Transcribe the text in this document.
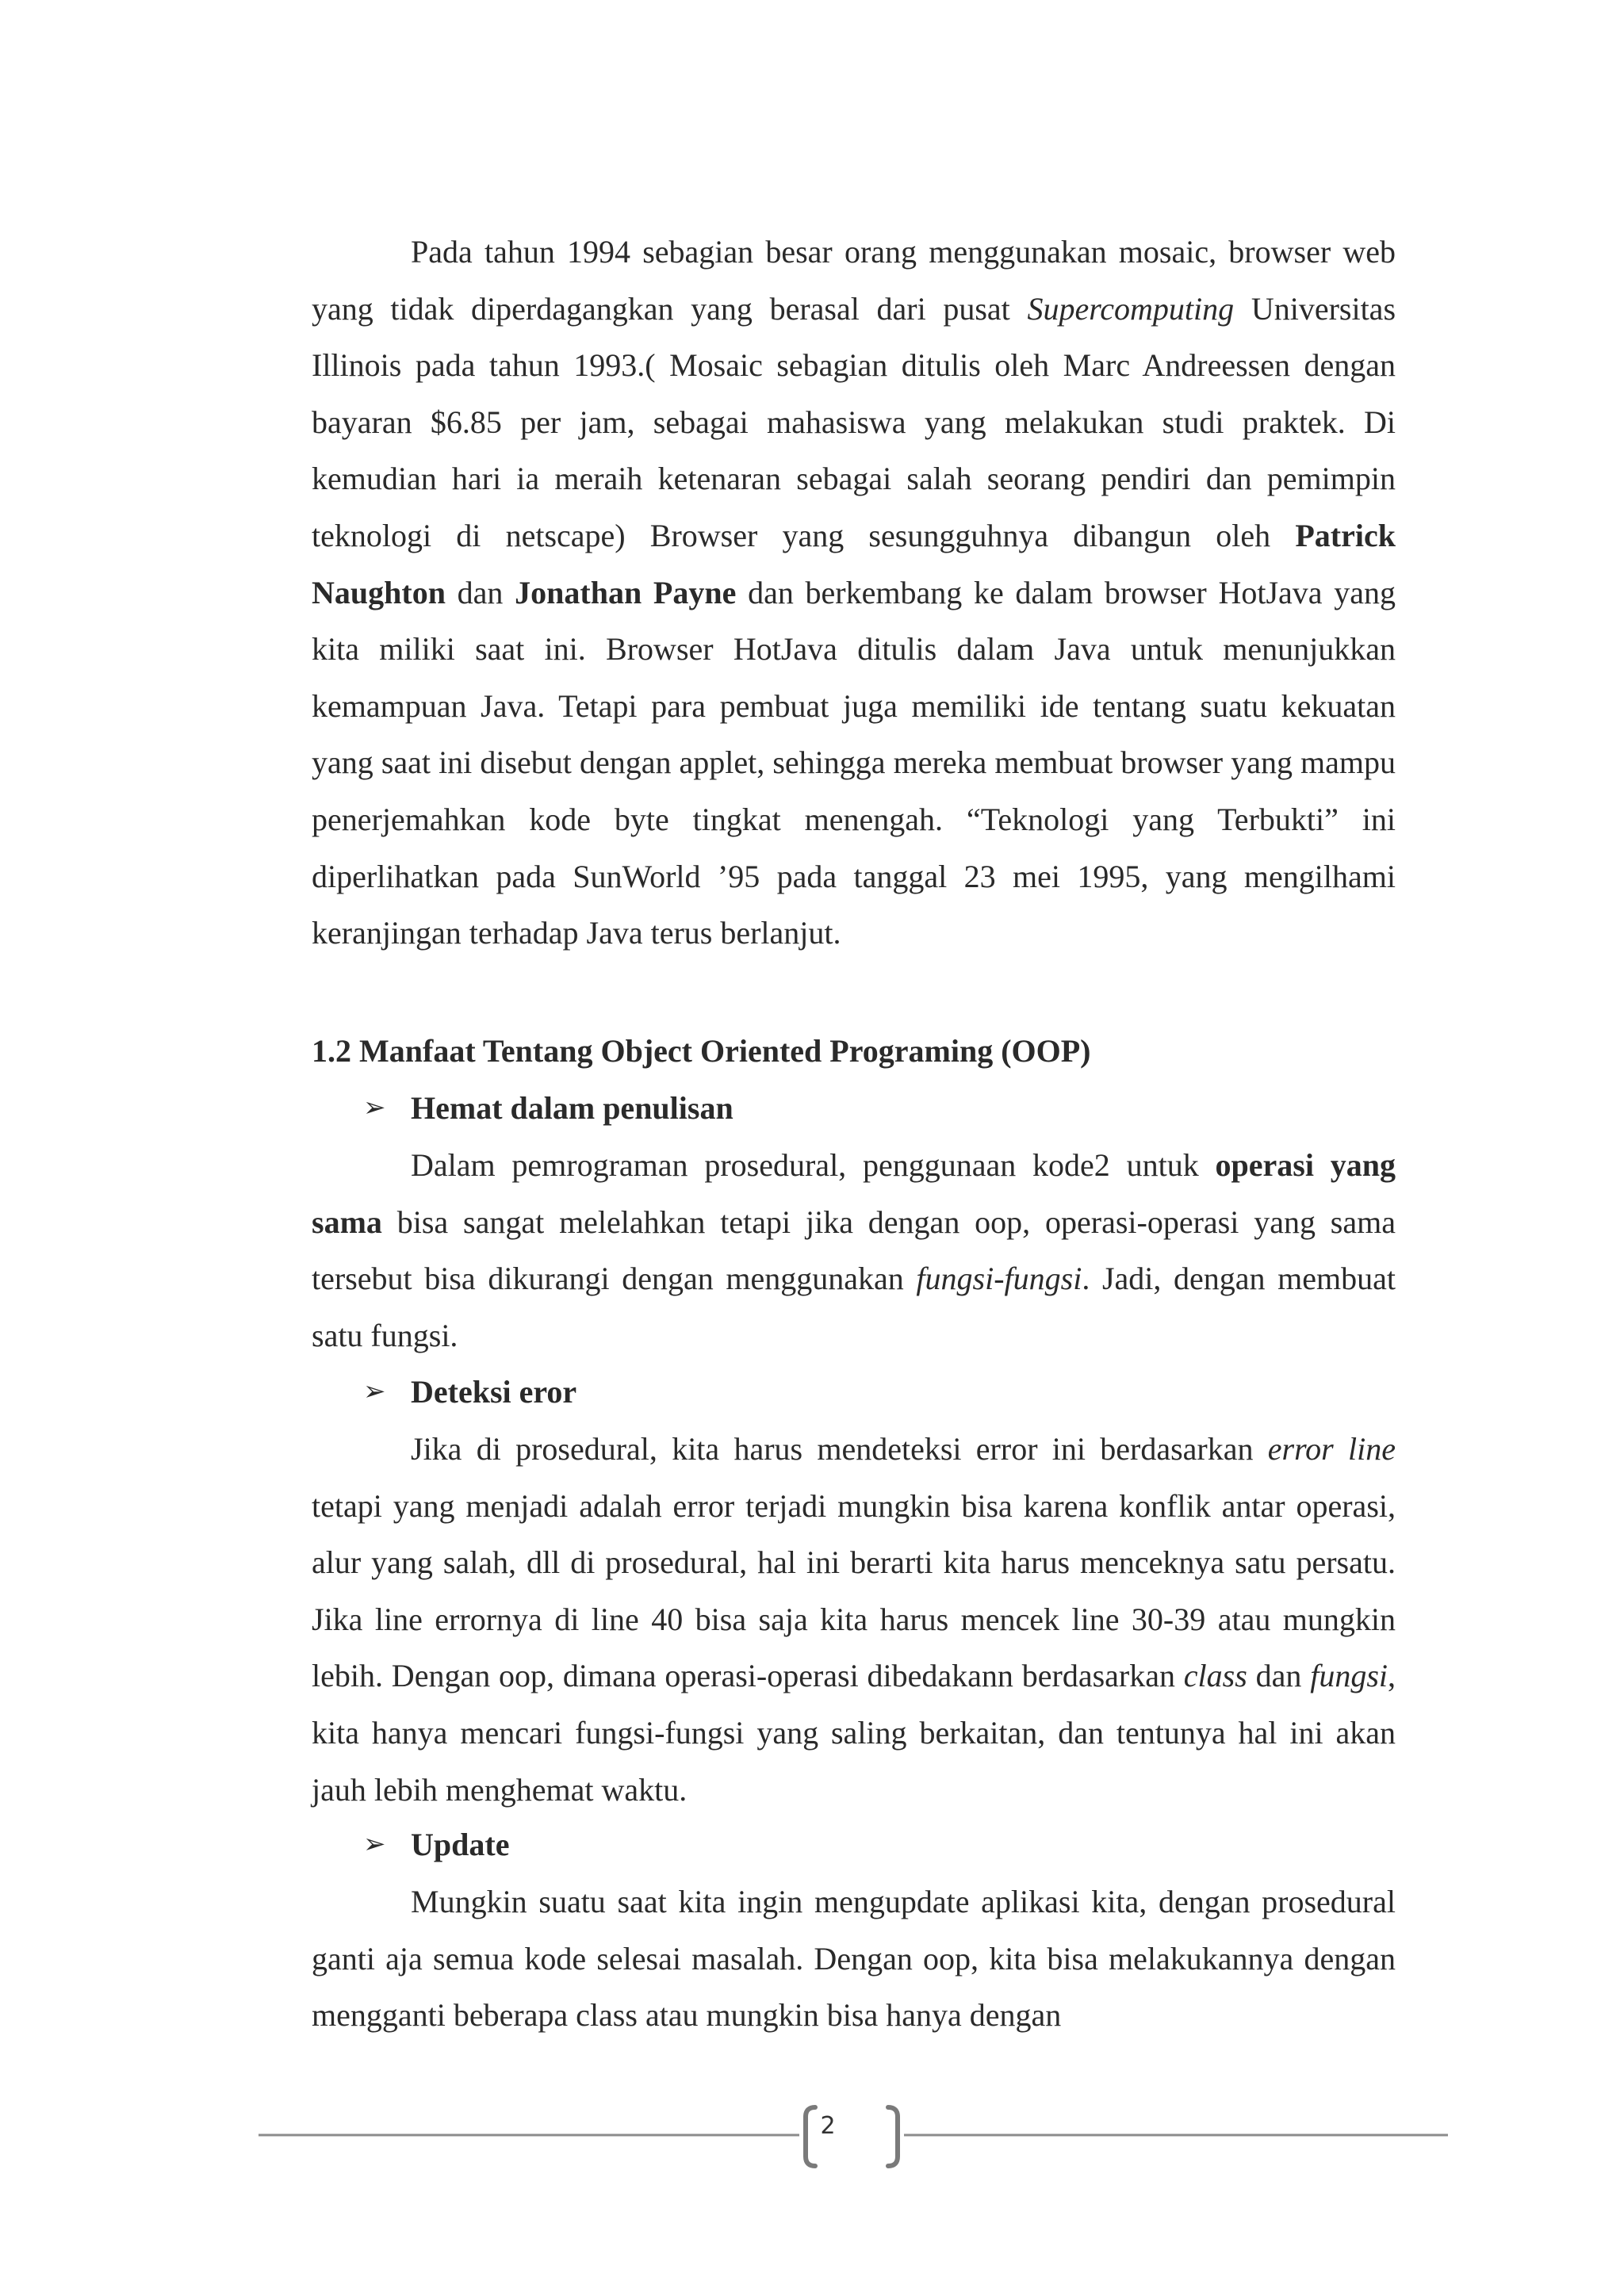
Pada tahun 1994 sebagian besar orang menggunakan mosaic, browser web yang tidak diperdagangkan yang berasal dari pusat Supercomputing Universitas Illinois pada tahun 1993.( Mosaic sebagian ditulis oleh Marc Andreessen dengan bayaran $6.85 per jam, sebagai mahasiswa yang melakukan studi praktek. Di kemudian hari ia meraih ketenaran sebagai salah seorang pendiri dan pemimpin teknologi di netscape) Browser yang sesungguhnya dibangun oleh Patrick Naughton dan Jonathan Payne dan berkembang ke dalam browser HotJava yang kita miliki saat ini. Browser HotJava ditulis dalam Java untuk menunjukkan kemampuan Java. Tetapi para pembuat juga memiliki ide tentang suatu kekuatan yang saat ini disebut dengan applet, sehingga mereka membuat browser yang mampu penerjemahkan kode byte tingkat menengah. “Teknologi yang Terbukti” ini diperlihatkan pada SunWorld ’95 pada tanggal 23 mei 1995, yang mengilhami keranjingan terhadap Java terus berlanjut.

1.2 Manfaat Tentang Object Oriented Programing (OOP)
➢ Hemat dalam penulisan

Dalam pemrograman prosedural, penggunaan kode2 untuk operasi yang sama bisa sangat melelahkan tetapi jika dengan oop, operasi-operasi yang sama tersebut bisa dikurangi dengan menggunakan fungsi-fungsi. Jadi, dengan membuat satu fungsi.

➢ Deteksi eror

Jika di prosedural, kita harus mendeteksi error ini berdasarkan error line tetapi yang menjadi adalah error terjadi mungkin bisa karena konflik antar operasi, alur yang salah, dll di prosedural, hal ini berarti kita harus menceknya satu persatu. Jika line errornya di line 40 bisa saja kita harus mencek line 30-39 atau mungkin lebih. Dengan oop, dimana operasi-operasi dibedakann berdasarkan class dan fungsi, kita hanya mencari fungsi-fungsi yang saling berkaitan, dan tentunya hal ini akan jauh lebih menghemat waktu.

➢ Update

Mungkin suatu saat kita ingin mengupdate aplikasi kita, dengan prosedural ganti aja semua kode selesai masalah. Dengan oop, kita bisa melakukannya dengan mengganti beberapa class atau mungkin bisa hanya dengan

2
